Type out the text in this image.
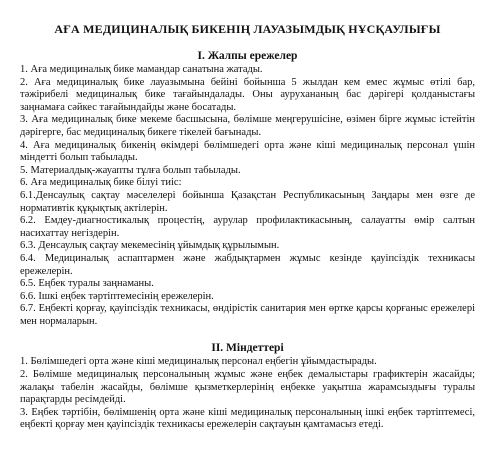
АҒА МЕДИЦИНАЛЫҚ БИКЕНІҢ ЛАУАЗЫМДЫҚ НҰСҚАУЛЫҒЫ
I. Жалпы ережелер

1. Аға медициналық бике мамандар санатына жатады.

2. Аға медициналық бике лауазымына бейіні бойынша 5 жылдан кем емес жұмыс өтілі бар, тәжірибелі медициналық бике тағайындалады. Оны аурухананың бас дәрігері қолданыстағы заңнамаға сәйкес тағайындайды және босатады.

3. Аға медициналық бике мекеме басшысына, бөлімше меңгерушісіне, өзімен бірге жұмыс істейтін дәрігерге, бас медициналық бикеге тікелей бағынады.

4. Аға медициналық бикенің өкімдері бөлімшедегі орта және кіші медициналық персонал үшін міндетті болып табылады.

5. Материалдық-жауапты тұлға болып табылады.

6. Аға медициналық бике білуі тиіс:

6.1.Денсаулық сақтау мәселелері бойынша Қазақстан Республикасының Заңдары мен өзге де нормативтік құқықтық актілерін.

6.2. Емдеу-диагностикалық процестің, аурулар профилактикасының, салауатты өмір салтын насихаттау негіздерін.

6.3. Денсаулық сақтау мекемесінің ұйымдық құрылымын.

6.4. Медициналық аспаптармен және жабдықтармен жұмыс кезінде қауіпсіздік техникасы ережелерін.

6.5. Еңбек туралы заңнаманы.

6.6. Ішкі еңбек тәртіптемесінің ережелерін.

6.7. Еңбекті қорғау, қауіпсіздік техникасы, өндірістік санитария мен өртке қарсы қорғаныс ережелері мен нормаларын.

II. Міндеттері

1. Бөлімшедегі орта және кіші медициналық персонал еңбегін ұйымдастырады.

2. Бөлімше медициналық персоналының жұмыс және еңбек демалыстары графиктерін жасайды; жалақы табелін жасайды, бөлімше қызметкерлерінің еңбекке уақытша жарамсыздығы туралы парақтарды ресімдейді.

3. Еңбек тәртібін, бөлімшенің орта және кіші медициналық персоналының ішкі еңбек тәртіптемесі, еңбекті қорғау мен қауіпсіздік техникасы ережелерін сақтауын қамтамасыз етеді.
